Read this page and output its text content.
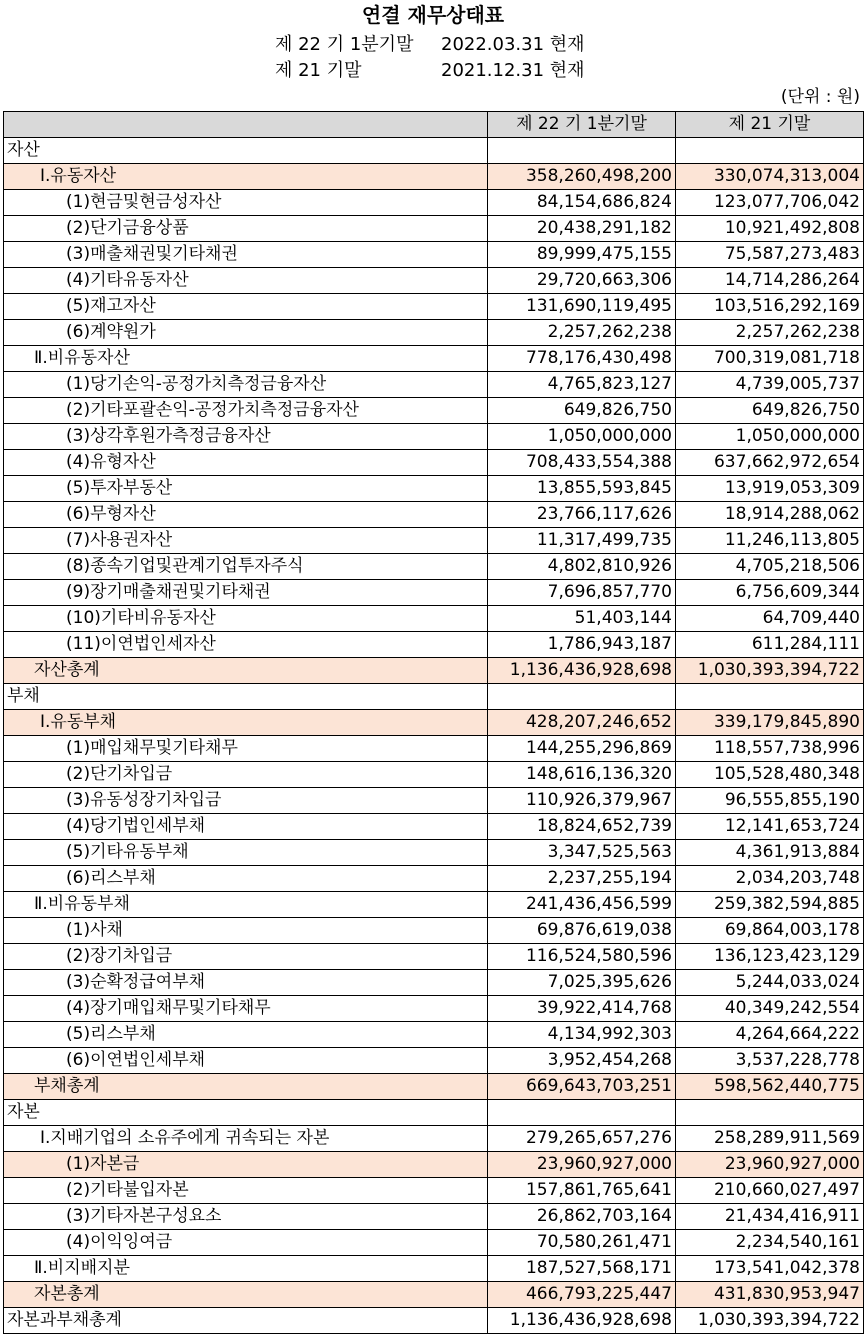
연결 재무상태표
제 22 기 1분기말 2022.03.31 현재
제 21 기말	2021.12.31 현재
(단위 : 원)
	제 22 기 1분기말	제 21 기말
자산		
Ⅰ.유동자산	358,260,498,200	330,074,313,004
(1)현금및현금성자산	84,154,686,824	123,077,706,042
(2)단기금융상품	20,438,291,182	10,921,492,808
(3)매출채권및기타채권	89,999,475,155	75,587,273,483
(4)기타유동자산	29,720,663,306	14,714,286,264
(5)재고자산	131,690,119,495	103,516,292,169
(6)계약원가	2,257,262,238	2,257,262,238
Ⅱ.비유동자산	778,176,430,498	700,319,081,718
(1)당기손익-공정가치측정금융자산	4,765,823,127	4,739,005,737
(2)기타포괄손익-공정가치측정금융자산	649,826,750	649,826,750
(3)상각후원가측정금융자산	1,050,000,000	1,050,000,000
(4)유형자산	708,433,554,388	637,662,972,654
(5)투자부동산	13,855,593,845	13,919,053,309
(6)무형자산	23,766,117,626	18,914,288,062
(7)사용권자산	11,317,499,735	11,246,113,805
(8)종속기업및관계기업투자주식	4,802,810,926	4,705,218,506
(9)장기매출채권및기타채권	7,696,857,770	6,756,609,344
(10)기타비유동자산	51,403,144	64,709,440
(11)이연법인세자산	1,786,943,187	611,284,111
자산총계	1,136,436,928,698	1,030,393,394,722
부채		
Ⅰ.유동부채	428,207,246,652	339,179,845,890
(1)매입채무및기타채무	144,255,296,869	118,557,738,996
(2)단기차입금	148,616,136,320	105,528,480,348
(3)유동성장기차입금	110,926,379,967	96,555,855,190
(4)당기법인세부채	18,824,652,739	12,141,653,724
(5)기타유동부채	3,347,525,563	4,361,913,884
(6)리스부채	2,237,255,194	2,034,203,748
Ⅱ.비유동부채	241,436,456,599	259,382,594,885
(1)사채	69,876,619,038	69,864,003,178
(2)장기차입금	116,524,580,596	136,123,423,129
(3)순확정급여부채	7,025,395,626	5,244,033,024
(4)장기매입채무및기타채무	39,922,414,768	40,349,242,554
(5)리스부채	4,134,992,303	4,264,664,222
(6)이연법인세부채	3,952,454,268	3,537,228,778
부채총계	669,643,703,251	598,562,440,775
자본		
Ⅰ.지배기업의 소유주에게 귀속되는 자본	279,265,657,276	258,289,911,569
(1)자본금	23,960,927,000	23,960,927,000
(2)기타불입자본	157,861,765,641	210,660,027,497
(3)기타자본구성요소	26,862,703,164	21,434,416,911
(4)이익잉여금	70,580,261,471	2,234,540,161
Ⅱ.비지배지분	187,527,568,171	173,541,042,378
자본총계	466,793,225,447	431,830,953,947
자본과부채총계	1,136,436,928,698	1,030,393,394,722
